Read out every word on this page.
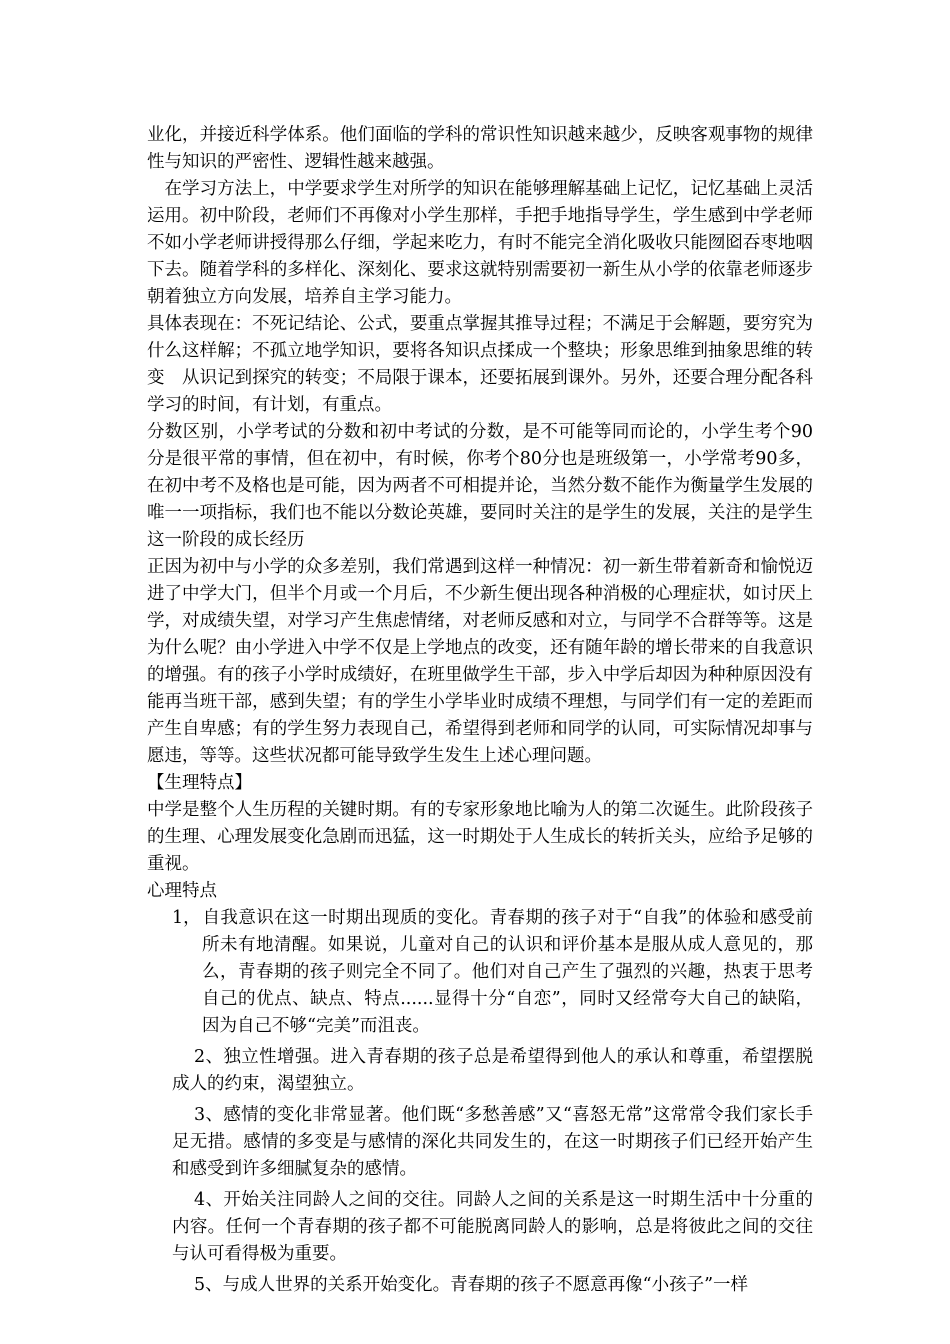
业化，并接近科学体系。他们面临的学科的常识性知识越来越少，反映客观事物的规律性与知识的严密性、逻辑性越来越强。

在学习方法上，中学要求学生对所学的知识在能够理解基础上记忆，记忆基础上灵活运用。初中阶段，老师们不再像对小学生那样，手把手地指导学生，学生感到中学老师不如小学老师讲授得那么仔细，学起来吃力，有时不能完全消化吸收只能囫囵吞枣地咽下去。随着学科的多样化、深刻化、要求这就特别需要初一新生从小学的依靠老师逐步朝着独立方向发展，培养自主学习能力。

具体表现在：不死记结论、公式，要重点掌握其推导过程；不满足于会解题，要穷究为什么这样解；不孤立地学知识，要将各知识点揉成一个整块；形象思维到抽象思维的转变　从识记到探究的转变；不局限于课本，还要拓展到课外。另外，还要合理分配各科学习的时间，有计划，有重点。

分数区别，小学考试的分数和初中考试的分数，是不可能等同而论的，小学生考个90分是很平常的事情，但在初中，有时候，你考个80分也是班级第一，小学常考90多，在初中考不及格也是可能，因为两者不可相提并论，当然分数不能作为衡量学生发展的唯一一项指标，我们也不能以分数论英雄，要同时关注的是学生的发展，关注的是学生这一阶段的成长经历

正因为初中与小学的众多差别，我们常遇到这样一种情况：初一新生带着新奇和愉悦迈进了中学大门，但半个月或一个月后，不少新生便出现各种消极的心理症状，如讨厌上学，对成绩失望，对学习产生焦虑情绪，对老师反感和对立，与同学不合群等等。这是为什么呢？由小学进入中学不仅是上学地点的改变，还有随年龄的增长带来的自我意识的增强。有的孩子小学时成绩好，在班里做学生干部，步入中学后却因为种种原因没有能再当班干部，感到失望；有的学生小学毕业时成绩不理想，与同学们有一定的差距而产生自卑感；有的学生努力表现自己，希望得到老师和同学的认同，可实际情况却事与愿违，等等。这些状况都可能导致学生发生上述心理问题。

【生理特点】

中学是整个人生历程的关键时期。有的专家形象地比喻为人的第二次诞生。此阶段孩子的生理、心理发展变化急剧而迅猛，这一时期处于人生成长的转折关头，应给予足够的重视。

心理特点

1，自我意识在这一时期出现质的变化。青春期的孩子对于“自我”的体验和感受前所未有地清醒。如果说，儿童对自己的认识和评价基本是服从成人意见的，那么，青春期的孩子则完全不同了。他们对自己产生了强烈的兴趣，热衷于思考自己的优点、缺点、特点......显得十分“自恋”，同时又经常夸大自己的缺陷，因为自己不够“完美”而沮丧。
2、独立性增强。进入青春期的孩子总是希望得到他人的承认和尊重，希望摆脱成人的约束，渴望独立。
3、感情的变化非常显著。他们既“多愁善感”又“喜怒无常”这常常令我们家长手足无措。感情的多变是与感情的深化共同发生的，在这一时期孩子们已经开始产生和感受到许多细腻复杂的感情。
4、开始关注同龄人之间的交往。同龄人之间的关系是这一时期生活中十分重的内容。任何一个青春期的孩子都不可能脱离同龄人的影响，总是将彼此之间的交往与认可看得极为重要。
5、与成人世界的关系开始变化。青春期的孩子不愿意再像“小孩子”一样
